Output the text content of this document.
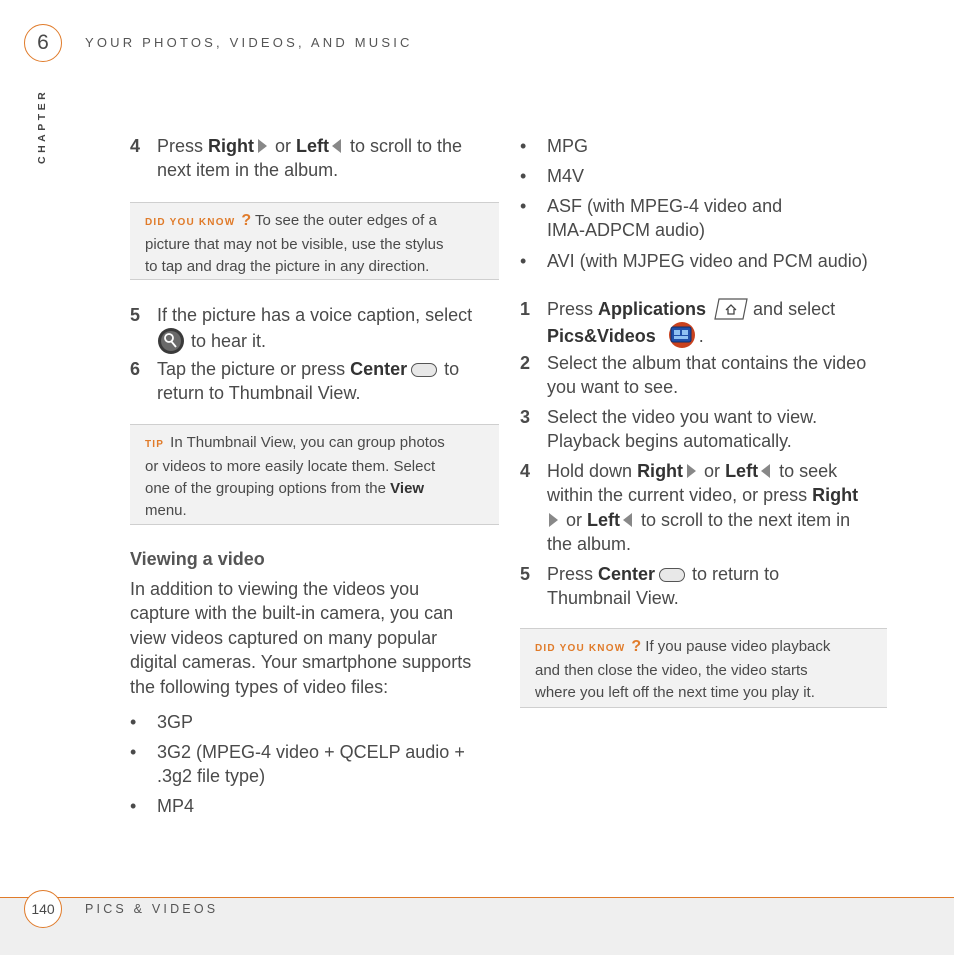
6	YOUR PHOTOS, VIDEOS, AND MUSIC
CHAPTER	4 Press Right or Left to scroll to the
next item in the album.
DID YOU KNOW ? To see the outer edges of a
picture that may not be visible, use the stylus
to tap and drag the picture in any direction.
5 If the picture has a voice caption, select
to hear it.
6 Tap the picture or press Center to
return to Thumbnail View.
TIP In Thumbnail View, you can group photos
or videos to more easily locate them. Select
one of the grouping options from the View
menu.
Viewing a video
In addition to viewing the videos you
capture with the built-in camera, you can
view videos captured on many popular
digital cameras. Your smartphone supports
the following types of video files:
• 3GP
• 3G2 (MPEG-4 video + QCELP audio +
.3g2 file type)
• MP4
• MPG
• M4V
• ASF (with MPEG-4 video and
IMA-ADPCM audio)
• AVI (with MJPEG video and PCM audio)
1 Press Applications	and select
Pics&Videos .
2 Select the album that contains the video
you want to see.
3 Select the video you want to view.
Playback begins automatically.
4 Hold down Right or Left to seek
within the current video, or press Right
or Left to scroll to the next item in
the album.
5 Press Center to return to
Thumbnail View.
DID YOU KNOW ? If you pause video playback
and then close the video, the video starts
where you left off the next time you play it.
140	PICS & VIDEOS
